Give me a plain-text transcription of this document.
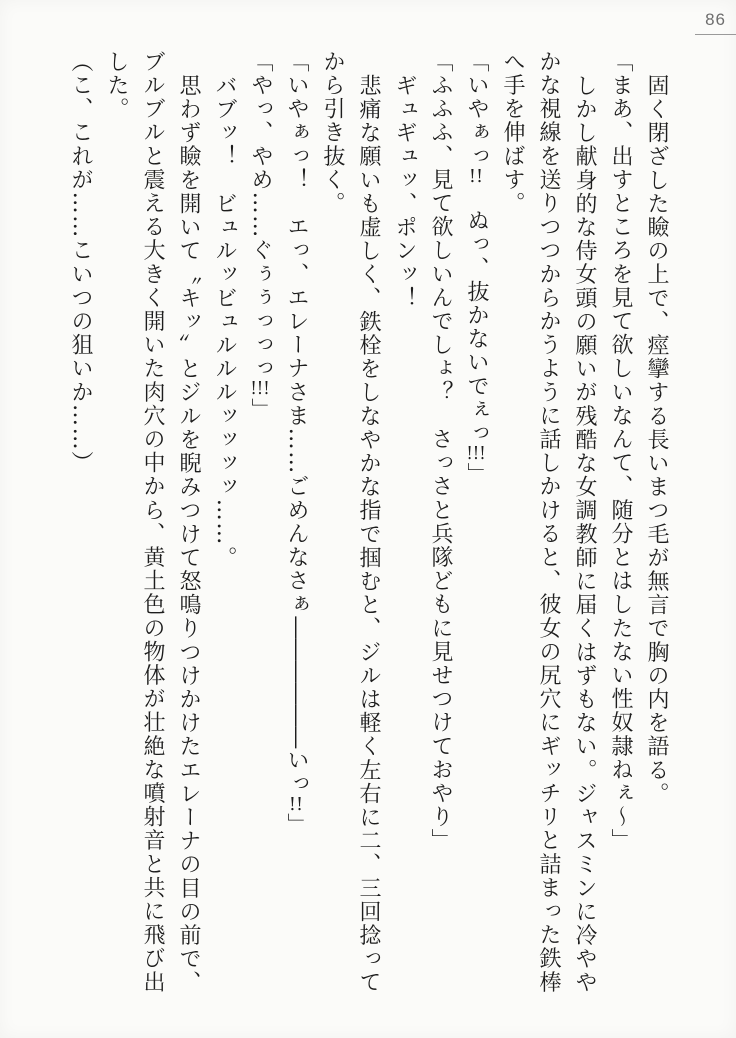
86

固く閉ざした瞼の上で、痙攣する長いまつ毛が無言で胸の内を語る。

「まあ、出すところを見て欲しいなんて、随分とはしたない性奴隷ねぇ〜」

しかし献身的な侍女頭の願いが残酷な女調教師に届くはずもない。ジャスミンに冷やや

かな視線を送りつつからかうように話しかけると、彼女の尻穴にギッチリと詰まった鉄棒

へ手を伸ばす。

「いやぁっ!!　ぬっ、抜かないでぇっ!!!」

「ふふふ、見て欲しいんでしょ？　さっさと兵隊どもに見せつけておやり」

ギュギュッ、ポンッ！

悲痛な願いも虚しく、鉄栓をしなやかな指で掴むと、ジルは軽く左右に二、三回捻って

から引き抜く。

「いやぁっ！　エっ、エレーナさま……ごめんなさぁ――――――いっ!!」

「やっ、やめ……ぐぅぅっっっ!!!」

バブッ！　ビュルッビュルルルッッッッ……。

思わず瞼を開いて〝キッ〟とジルを睨みつけて怒鳴りつけかけたエレーナの目の前で、

ブルブルと震える大きく開いた肉穴の中から、黄土色の物体が壮絶な噴射音と共に飛び出

した。

（こ、これが……こいつの狙いか……）
